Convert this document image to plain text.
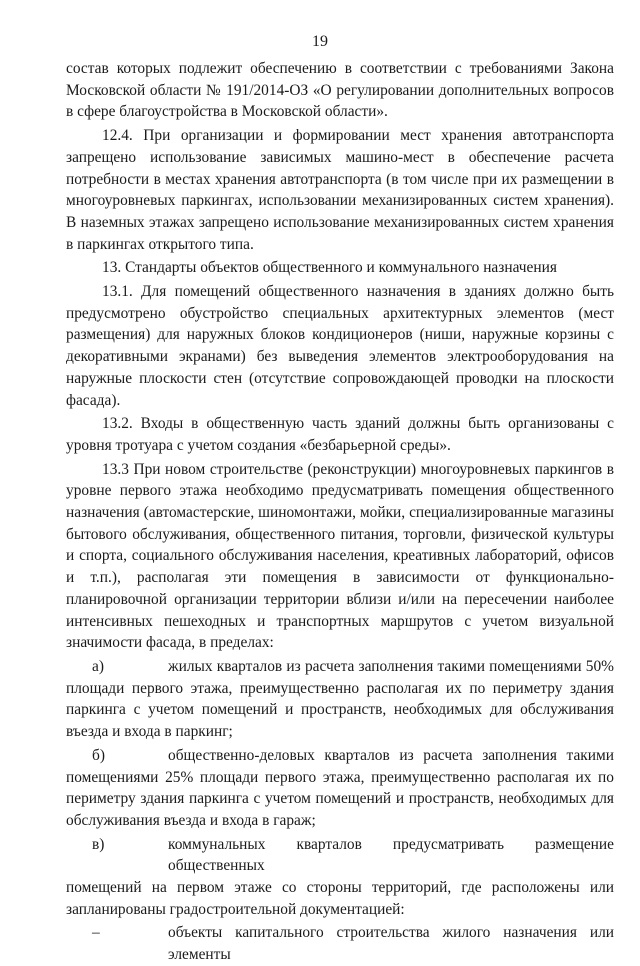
19

состав которых подлежит обеспечению в соответствии с требованиями Закона Московской области № 191/2014-ОЗ «О регулировании дополнительных вопросов в сфере благоустройства в Московской области».

12.4. При организации и формировании мест хранения автотранспорта запрещено использование зависимых машино-мест в обеспечение расчета потребности в местах хранения автотранспорта (в том числе при их размещении в многоуровневых паркингах, использовании механизированных систем хранения). В наземных этажах запрещено использование механизированных систем хранения в паркингах открытого типа.

13. Стандарты объектов общественного и коммунального назначения

13.1. Для помещений общественного назначения в зданиях должно быть предусмотрено обустройство специальных архитектурных элементов (мест размещения) для наружных блоков кондиционеров (ниши, наружные корзины с декоративными экранами) без выведения элементов электрооборудования на наружные плоскости стен (отсутствие сопровождающей проводки на плоскости фасада).

13.2. Входы в общественную часть зданий должны быть организованы с уровня тротуара с учетом создания «безбарьерной среды».

13.3 При новом строительстве (реконструкции) многоуровневых паркингов в уровне первого этажа необходимо предусматривать помещения общественного назначения (автомастерские, шиномонтажи, мойки, специализированные магазины бытового обслуживания, общественного питания, торговли, физической культуры и спорта, социального обслуживания населения, креативных лабораторий, офисов и т.п.), располагая эти помещения в зависимости от функционально-планировочной организации территории вблизи и/или на пересечении наиболее интенсивных пешеходных и транспортных маршрутов с учетом визуальной значимости фасада, в пределах:

а)	жилых кварталов из расчета заполнения такими помещениями 50%

площади первого этажа, преимущественно располагая их по периметру здания паркинга с учетом помещений и пространств, необходимых для обслуживания въезда и входа в паркинг;

б)	общественно-деловых кварталов из расчета заполнения такими

помещениями 25% площади первого этажа, преимущественно располагая их по периметру здания паркинга с учетом помещений и пространств, необходимых для обслуживания въезда и входа в гараж;

в)	коммунальных кварталов предусматривать размещение общественных

помещений на первом этаже со стороны территорий, где расположены или запланированы градостроительной документацией:

–	объекты капитального строительства жилого назначения или элементы
